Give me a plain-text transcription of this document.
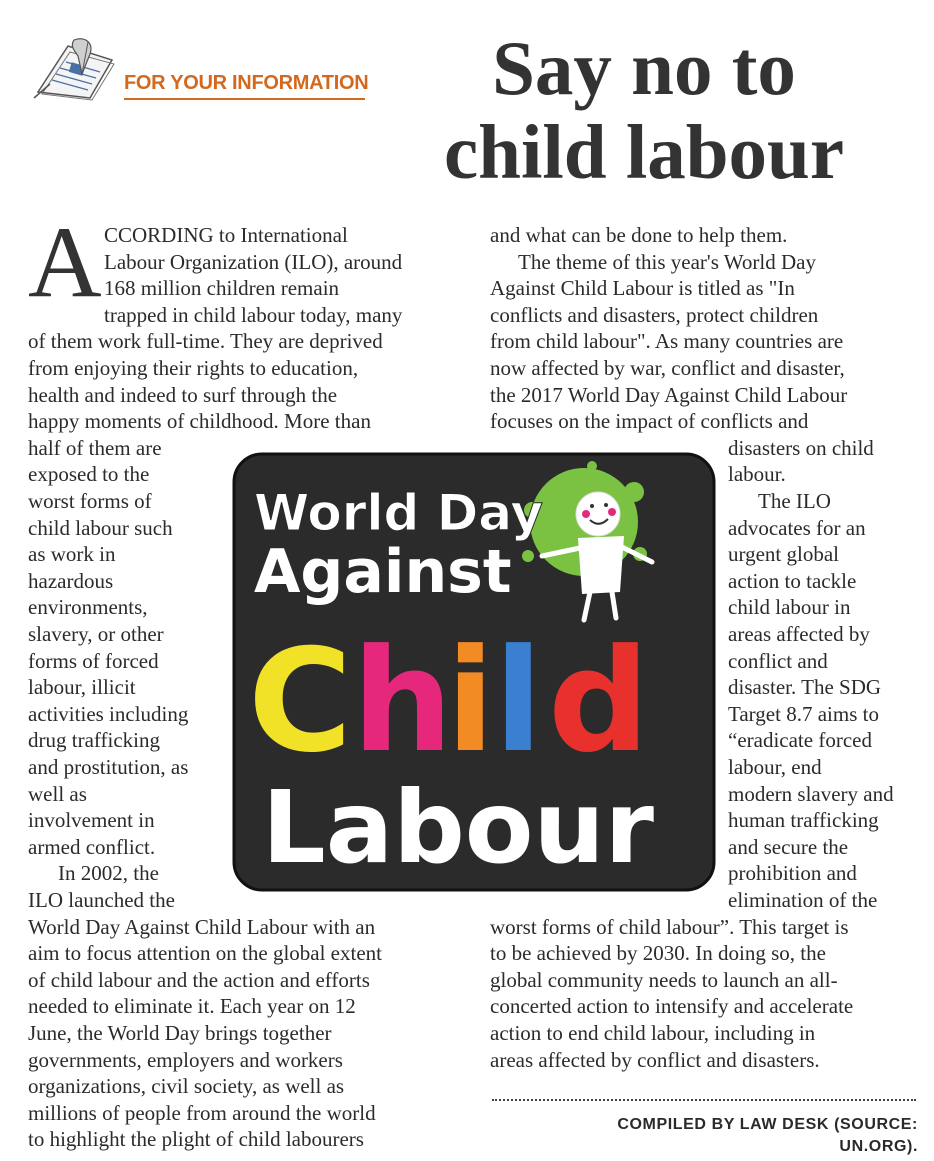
FOR YOUR INFORMATION	Say no to
child labour
A CCORDING to International
Labour Organization (ILO), around
168 million children remain
trapped in child labour today, many
of them work full-time. They are deprived
from enjoying their rights to education,
health and indeed to surf through the
happy moments of childhood. More than
half of them are
exposed to the
worst forms of
child labour such
as work in
hazardous
environments,
slavery, or other
forms of forced
labour, illicit
activities including
drug trafficking
and prostitution, as
well as
involvement in
armed conflict.
In 2002, the
ILO launched the
World Day Against Child Labour with an
aim to focus attention on the global extent
of child labour and the action and efforts
needed to eliminate it. Each year on 12
June, the World Day brings together
governments, employers and workers
organizations, civil society, as well as
millions of people from around the world
to highlight the plight of child labourers
and what can be done to help them.
The theme of this year's World Day
Against Child Labour is titled as "In
conflicts and disasters, protect children
from child labour". As many countries are
now affected by war, conflict and disaster,
the 2017 World Day Against Child Labour
focuses on the impact of conflicts and
disasters on child
labour.
The ILO
advocates for an
urgent global
action to tackle
child labour in
areas affected by
conflict and
disaster. The SDG
Target 8.7 aims to
“eradicate forced
labour, end
modern slavery and
human trafficking
and secure the
prohibition and
elimination of the
worst forms of child labour”. This target is
to be achieved by 2030. In doing so, the
global community needs to launch an all-
concerted action to intensify and accelerate
action to end child labour, including in
areas affected by conflict and disasters.
World Day
Against
C h
i l d
Labour
COMPILED BY LAW DESK (SOURCE:
UN.ORG).
